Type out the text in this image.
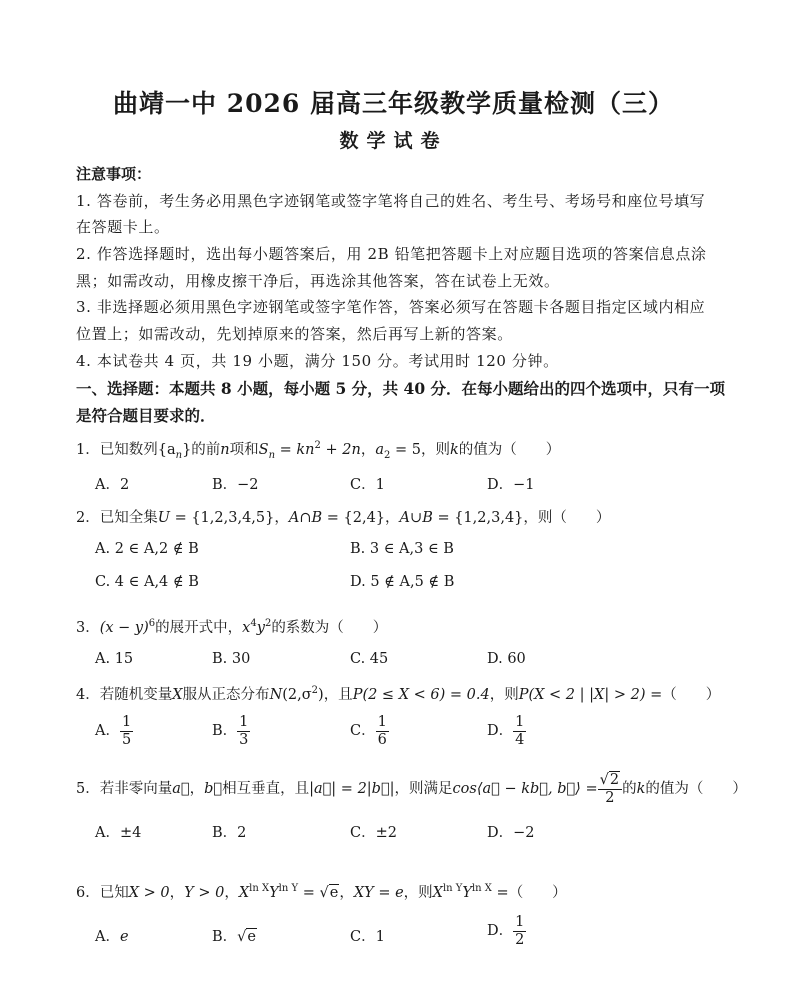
曲靖一中 2026 届高三年级教学质量检测（三）
数学试卷
注意事项：
1. 答卷前，考生务必用黑色字迹钢笔或签字笔将自己的姓名、考生号、考场号和座位号填写
在答题卡上。
2. 作答选择题时，选出每小题答案后，用 2B 铅笔把答题卡上对应题目选项的答案信息点涂
黑；如需改动，用橡皮擦干净后，再选涂其他答案，答在试卷上无效。
3. 非选择题必须用黑色字迹钢笔或签字笔作答，答案必须写在答题卡各题目指定区域内相应
位置上；如需改动，先划掉原来的答案，然后再写上新的答案。
4. 本试卷共 4 页，共 19 小题，满分 150 分。考试用时 120 分钟。
一、选择题：本题共 8 小题，每小题 5 分，共 40 分．在每小题给出的四个选项中，只有一项
是符合题目要求的．
1．已知数列$\{a_n\}$的前n项和$S_n = kn^2 + 2n$，$a_2 = 5$，则k的值为（　　）
A．2	B．−2	C．1	D．−1
2．已知全集U = {1,2,3,4,5}，A∩B = {2,4}，A∪B = {1,2,3,4}，则（　　）
A. 2 ∈ A,2 ∉ B	B. 3 ∈ A,3 ∈ B
C. 4 ∈ A,4 ∉ B	D. 5 ∉ A,5 ∉ B
3．$(x - y)^6$的展开式中，$x^4y^2$的系数为（　　）
A. 15	B. 30	C. 45	D. 60
4．若随机变量X服从正态分布$N(2,\sigma^2)$，且P(2 ≤ X < 6) = 0.4，则P(X < 2 | |X| > 2) =（　　）
A． $\frac{1}{5}$	B． $\frac{1}{3}$	C． $\frac{1}{6}$	D． $\frac{1}{4}$
5．若非零向量a⃗，b⃗相互垂直，且|a⃗| = 2|b⃗|，则满足cos⟨a⃗ − kb⃗, b⃗⟩ = $\frac{√2}{2}$ 的k的值为（　　）
A．±4	B．2	C．±2	D．−2
6．已知X > 0，Y > 0，$X^{ln X}Y^{ln Y} = √e$，XY = e，则$X^{ln Y}Y^{ln X}$ =（　　）
A．e	B．√e	C．1	D． $\frac{1}{2}$
